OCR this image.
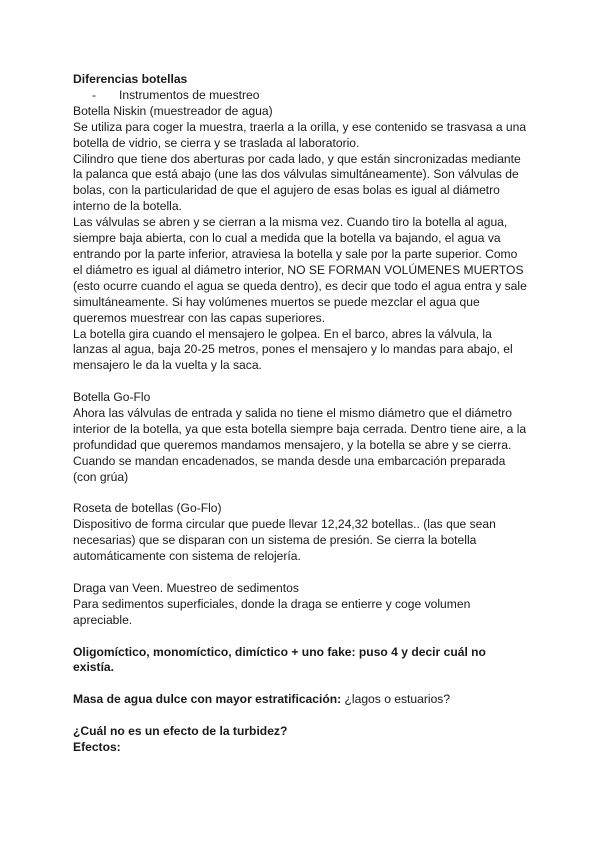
Diferencias botellas
-	Instrumentos de muestreo
Botella Niskin (muestreador de agua)
Se utiliza para coger la muestra, traerla a la orilla, y ese contenido se trasvasa a una
botella de vidrio, se cierra y se traslada al laboratorio.
Cilindro que tiene dos aberturas por cada lado, y que están sincronizadas mediante
la palanca que está abajo (une las dos válvulas simultáneamente). Son válvulas de
bolas, con la particularidad de que el agujero de esas bolas es igual al diámetro
interno de la botella.
Las válvulas se abren y se cierran a la misma vez. Cuando tiro la botella al agua,
siempre baja abierta, con lo cual a medida que la botella va bajando, el agua va
entrando por la parte inferior, atraviesa la botella y sale por la parte superior. Como
el diámetro es igual al diámetro interior, NO SE FORMAN VOLÚMENES MUERTOS
(esto ocurre cuando el agua se queda dentro), es decir que todo el agua entra y sale
simultáneamente. Si hay volúmenes muertos se puede mezclar el agua que
queremos muestrear con las capas superiores.
La botella gira cuando el mensajero le golpea. En el barco, abres la válvula, la
lanzas al agua, baja 20-25 metros, pones el mensajero y lo mandas para abajo, el
mensajero le da la vuelta y la saca.
Botella Go-Flo
Ahora las válvulas de entrada y salida no tiene el mismo diámetro que el diámetro
interior de la botella, ya que esta botella siempre baja cerrada. Dentro tiene aire, a la
profundidad que queremos mandamos mensajero, y la botella se abre y se cierra.
Cuando se mandan encadenados, se manda desde una embarcación preparada
(con grúa)
Roseta de botellas (Go-Flo)
Dispositivo de forma circular que puede llevar 12,24,32 botellas.. (las que sean
necesarias) que se disparan con un sistema de presión. Se cierra la botella
automáticamente con sistema de relojería.
Draga van Veen. Muestreo de sedimentos
Para sedimentos superficiales, donde la draga se entierre y coge volumen
apreciable.
Oligomíctico, monomíctico, dimíctico + uno fake: puso 4 y decir cuál no
existía.
Masa de agua dulce con mayor estratificación: ¿lagos o estuarios?
¿Cuál no es un efecto de la turbidez?
Efectos:
